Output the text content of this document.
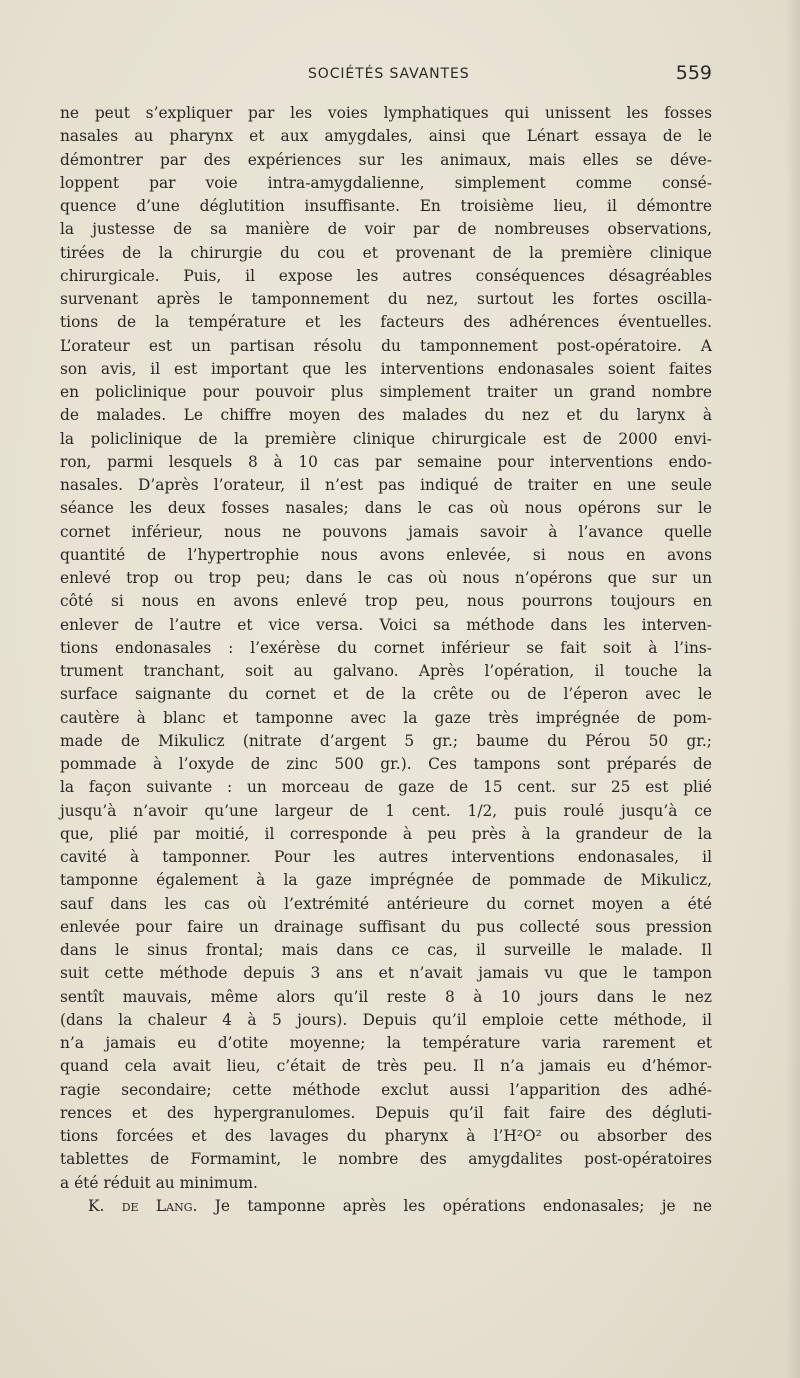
SOCIÉTÉS SAVANTES	559
ne peut s’expliquer par les voies lymphatiques qui unissent les fosses
nasales au pharynx et aux amygdales, ainsi que Lénart essaya de le
démontrer par des expériences sur les animaux, mais elles se déve-
loppent par voie intra-amygdalienne, simplement comme consé-
quence d’une déglutition insuffisante. En troisième lieu, il démontre
la justesse de sa manière de voir par de nombreuses observations,
tirées de la chirurgie du cou et provenant de la première clinique
chirurgicale. Puis, il expose les autres conséquences désagréables
survenant après le tamponnement du nez, surtout les fortes oscilla-
tions de la température et les facteurs des adhérences éventuelles.
L’orateur est un partisan résolu du tamponnement post-opératoire. A
son avis, il est important que les interventions endonasales soient faites
en policlinique pour pouvoir plus simplement traiter un grand nombre
de malades. Le chiffre moyen des malades du nez et du larynx à
la policlinique de la première clinique chirurgicale est de 2000 envi-
ron, parmi lesquels 8 à 10 cas par semaine pour interventions endo-
nasales. D’après l’orateur, il n’est pas indiqué de traiter en une seule
séance les deux fosses nasales; dans le cas où nous opérons sur le
cornet inférieur, nous ne pouvons jamais savoir à l’avance quelle
quantité de l’hypertrophie nous avons enlevée, si nous en avons
enlevé trop ou trop peu; dans le cas où nous n’opérons que sur un
côté si nous en avons enlevé trop peu, nous pourrons toujours en
enlever de l’autre et vice versa. Voici sa méthode dans les interven-
tions endonasales : l’exérèse du cornet inférieur se fait soit à l’ins-
trument tranchant, soit au galvano. Après l’opération, il touche la
surface saignante du cornet et de la crête ou de l’éperon avec le
cautère à blanc et tamponne avec la gaze très imprégnée de pom-
made de Mikulicz (nitrate d’argent 5 gr.; baume du Pérou 50 gr.;
pommade à l’oxyde de zinc 500 gr.). Ces tampons sont préparés de
la façon suivante : un morceau de gaze de 15 cent. sur 25 est plié
jusqu’à n’avoir qu’une largeur de 1 cent. 1/2, puis roulé jusqu’à ce
que, plié par moitié, il corresponde à peu près à la grandeur de la
cavité à tamponner. Pour les autres interventions endonasales, il
tamponne également à la gaze imprégnée de pommade de Mikulicz,
sauf dans les cas où l’extrémité antérieure du cornet moyen a été
enlevée pour faire un drainage suffisant du pus collecté sous pression
dans le sinus frontal; mais dans ce cas, il surveille le malade. Il
suit cette méthode depuis 3 ans et n’avait jamais vu que le tampon
sentît mauvais, même alors qu’il reste 8 à 10 jours dans le nez
(dans la chaleur 4 à 5 jours). Depuis qu’il emploie cette méthode, il
n’a jamais eu d’otite moyenne; la température varia rarement et
quand cela avait lieu, c’était de très peu. Il n’a jamais eu d’hémor-
ragie secondaire; cette méthode exclut aussi l’apparition des adhé-
rences et des hypergranulomes. Depuis qu’il fait faire des dégluti-
tions forcées et des lavages du pharynx à l’H²O² ou absorber des
tablettes de Formamint, le nombre des amygdalites post-opératoires
a été réduit au minimum.
K. de Lang. Je tamponne après les opérations endonasales; je ne
